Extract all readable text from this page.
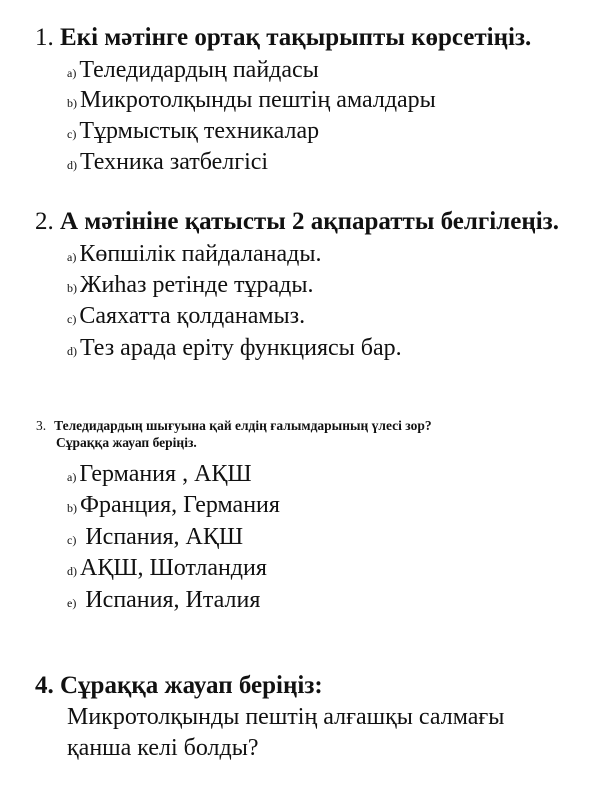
1. Екі мәтінге ортақ тақырыпты көрсетіңіз.
a) Теледидардың пайдасы
b) Микротолқынды пештің амалдары
c) Тұрмыстық техникалар
d) Техника затбелгісі
2. А мәтініне қатысты 2 ақпаратты белгілеңіз.
a) Көпшілік пайдаланады.
b) Жиһаз ретінде тұрады.
c) Саяхатта қолданамыз.
d) Тез арада еріту функциясы бар.
3. Теледидардың шығуына қай елдің ғалымдарының үлесі зор?
Сұраққа жауап беріңіз.
a) Германия , АҚШ
b) Франция, Германия
c) Испания, АҚШ
d) АҚШ, Шотландия
e) Испания, Италия
4. Сұраққа жауап беріңіз:
Микротолқынды пештің алғашқы салмағы
қанша келі болды?
